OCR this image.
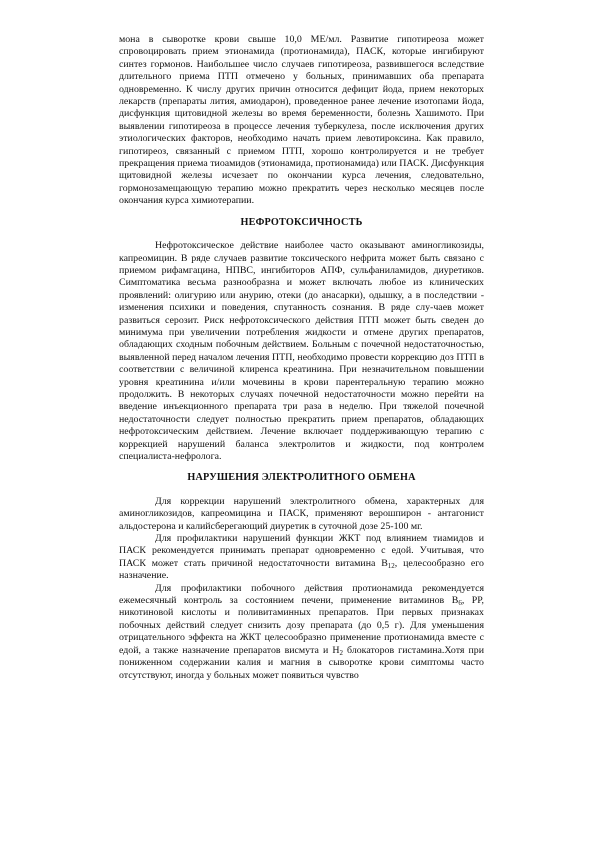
мона в сыворотке крови свыше 10,0 МЕ/мл. Развитие гипотиреоза может спровоцировать прием этионамида (протионамида), ПАСК, которые ингибируют синтез гормонов. Наибольшее число случаев гипотиреоза, развившегося вследствие длительного приема ПТП отмечено у больных, принимавших оба препарата одновременно. К числу других причин относится дефицит йода, прием некоторых лекарств (препараты лития, амиодарон), проведенное ранее лечение изотопами йода, дисфункция щитовидной железы во время беременности, болезнь Хашимото. При выявлении гипотиреоза в процессе лечения туберкулеза, после исключения других этиологических факторов, необходимо начать прием левотироксина. Как правило, гипотиреоз, связанный с приемом ПТП, хорошо контролируется и не требует прекращения приема тиоамидов (этионамида, протионамида) или ПАСК. Дисфункция щитовидной железы исчезает по окончании курса лечения, следовательно, гормонозамещающую терапию можно прекратить через несколько месяцев после окончания курса химиотерапии.

НЕФРОТОКСИЧНОСТЬ

Нефротоксическое действие наиболее часто оказывают аминогликозиды, капреомицин. В ряде случаев развитие токсического нефрита может быть связано с приемом рифамгацина, НПВС, ингибиторов АПФ, сульфаниламидов, диуретиков. Симптоматика весьма разнообразна и может включать любое из клинических проявлений: олигурию или анурию, отеки (до анасарки), одышку, а в последствии - изменения психики и поведения, спутанность сознания. В ряде слу-чаев может развиться серозит. Риск нефротоксического действия ПТП может быть сведен до минимума при увеличении потребления жидкости и отмене других препаратов, обладающих сходным побочным действием. Больным с почечной недостаточностью, выявленной перед началом лечения ПТП, необходимо провести коррекцию доз ПТП в соответствии с величиной клиренса креатинина. При незначительном повышении уровня креатинина и/или мочевины в крови парентеральную терапию можно продолжить. В некоторых случаях почечной недостаточности можно перейти на введение инъекционного препарата три раза в неделю. При тяжелой почечной недостаточности следует полностью прекратить прием препаратов, обладающих нефротоксическим действием. Лечение включает поддерживающую терапию с коррекцией нарушений баланса электролитов и жидкости, под контролем специалиста-нефролога.

НАРУШЕНИЯ ЭЛЕКТРОЛИТНОГО ОБМЕНА

Для коррекции нарушений электролитного обмена, характерных для аминогликозидов, капреомицина и ПАСК, применяют верошпирон - антагонист альдостерона и калийсберегающий диуретик в суточной дозе 25-100 мг.

Для профилактики нарушений функции ЖКТ под влиянием тиамидов и ПАСК рекомендуется принимать препарат одновременно с едой. Учитывая, что ПАСК может стать причиной недостаточности витамина $В_{12}$, целесообразно его назначение.

Для профилактики побочного действия протионамида рекомендуется ежемесячный контроль за состоянием печени, применение витаминов $В_6$, РР, никотиновой кислоты и поливитаминных препаратов. При первых признаках побочных действий следует снизить дозу препарата (до 0,5 г). Для уменьшения отрицательного эффекта на ЖКТ целесообразно применение протионамида вместе с едой, а также назначение препаратов висмута и $Н_2$ блокаторов гистамина.Хотя при пониженном содержании калия и магния в сыворотке крови симптомы часто отсутствуют, иногда у больных может появиться чувство
